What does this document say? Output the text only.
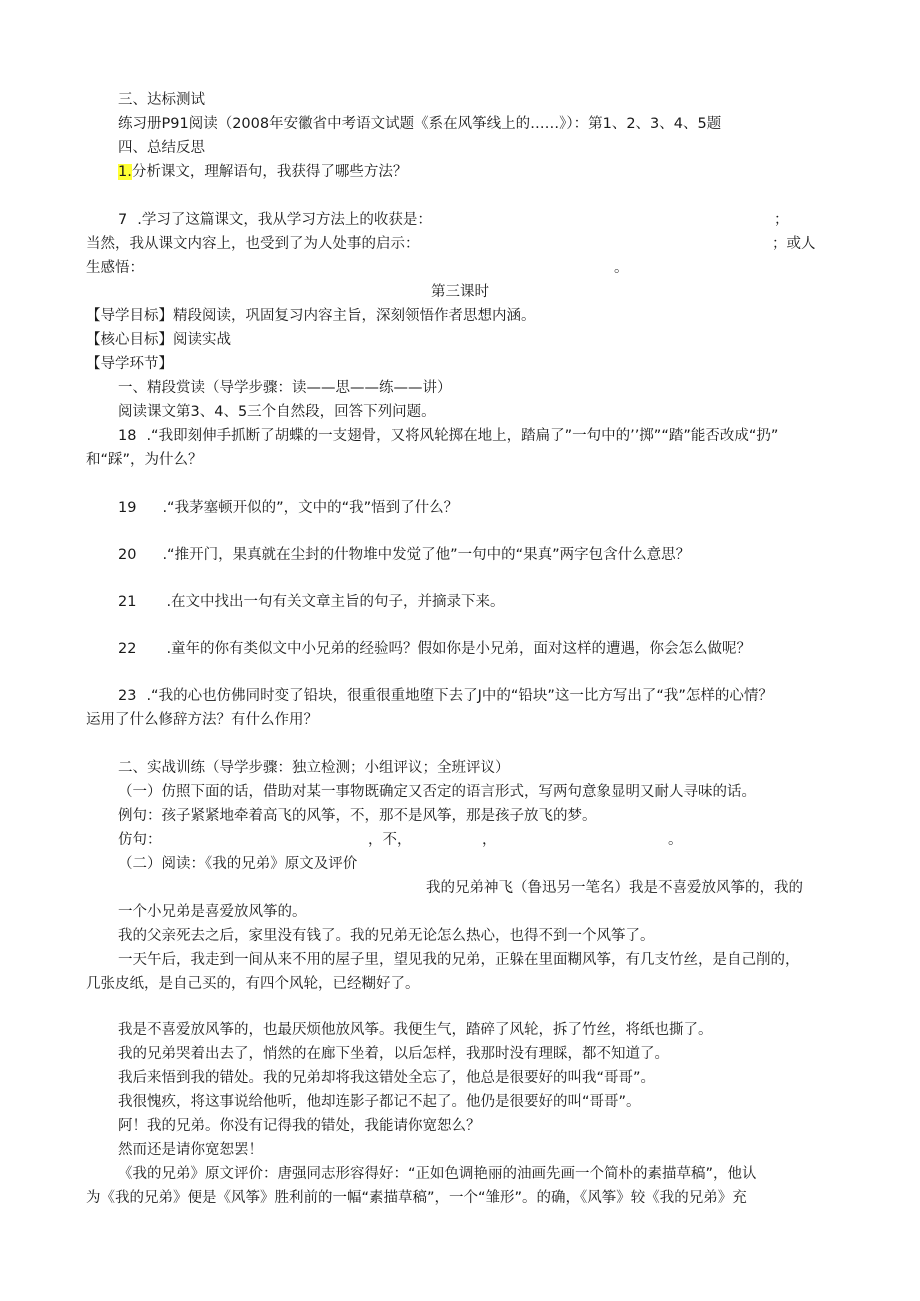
三、达标测试
练习册P91阅读（2008年安徽省中考语文试题《系在风筝线上的……》）：第1、2、3、4、5题
四、总结反思
1.分析课文，理解语句，我获得了哪些方法？
7 .学习了这篇课文，我从学习方法上的收获是：	；
当然，我从课文内容上，也受到了为人处事的启示：	；或人
生感悟：	。
第三课时
【导学目标】精段阅读，巩固复习内容主旨，深刻领悟作者思想内涵。
【核心目标】阅读实战
【导学环节】
一、精段赏读（导学步骤：读——思——练——讲）
阅读课文第3、4、5三个自然段，回答下列问题。
18 .“我即刻伸手抓断了胡蝶的一支翅骨，又将风轮掷在地上，踏扁了”一句中的’’掷”“踏”能否改成“扔”
和“踩”，为什么？
19 .“我茅塞顿开似的”，文中的“我”悟到了什么？
20 .“推开门，果真就在尘封的什物堆中发觉了他”一句中的“果真”两字包含什么意思？
21 .在文中找出一句有关文章主旨的句子，并摘录下来。
22 .童年的你有类似文中小兄弟的经验吗？假如你是小兄弟，面对这样的遭遇，你会怎么做呢？
23 .“我的心也仿佛同时变了铅块，很重很重地堕下去了J中的“铅块”这一比方写出了“我”怎样的心情？
运用了什么修辞方法？有什么作用？
二、实战训练（导学步骤：独立检测；小组评议；全班评议）
（一）仿照下面的话，借助对某一事物既确定又否定的语言形式，写两句意象显明又耐人寻味的话。
例句：孩子紧紧地牵着高飞的风筝，不，那不是风筝，那是孩子放飞的梦。
仿句：	，不，	，	。
（二）阅读：《我的兄弟》原文及评价
我的兄弟神飞（鲁迅另一笔名）我是不喜爱放风筝的，我的
一个小兄弟是喜爱放风筝的。
我的父亲死去之后，家里没有钱了。我的兄弟无论怎么热心，也得不到一个风筝了。
一天午后，我走到一间从来不用的屋子里，望见我的兄弟，正躲在里面糊风筝，有几支竹丝，是自己削的，
几张皮纸，是自己买的，有四个风轮，已经糊好了。
我是不喜爱放风筝的，也最厌烦他放风筝。我便生气，踏碎了风轮，拆了竹丝，将纸也撕了。
我的兄弟哭着出去了，悄然的在廊下坐着，以后怎样，我那时没有理睬，都不知道了。
我后来悟到我的错处。我的兄弟却将我这错处全忘了，他总是很要好的叫我“哥哥”。
我很愧疚，将这事说给他听，他却连影子都记不起了。他仍是很要好的叫“哥哥”。
阿！我的兄弟。你没有记得我的错处，我能请你宽恕么？
然而还是请你宽恕罢！
《我的兄弟》原文评价：唐强同志形容得好：“正如色调艳丽的油画先画一个简朴的素描草稿”，他认
为《我的兄弟》便是《风筝》胜利前的一幅“素描草稿”，一个“雏形”。的确，《风筝》较《我的兄弟》充
